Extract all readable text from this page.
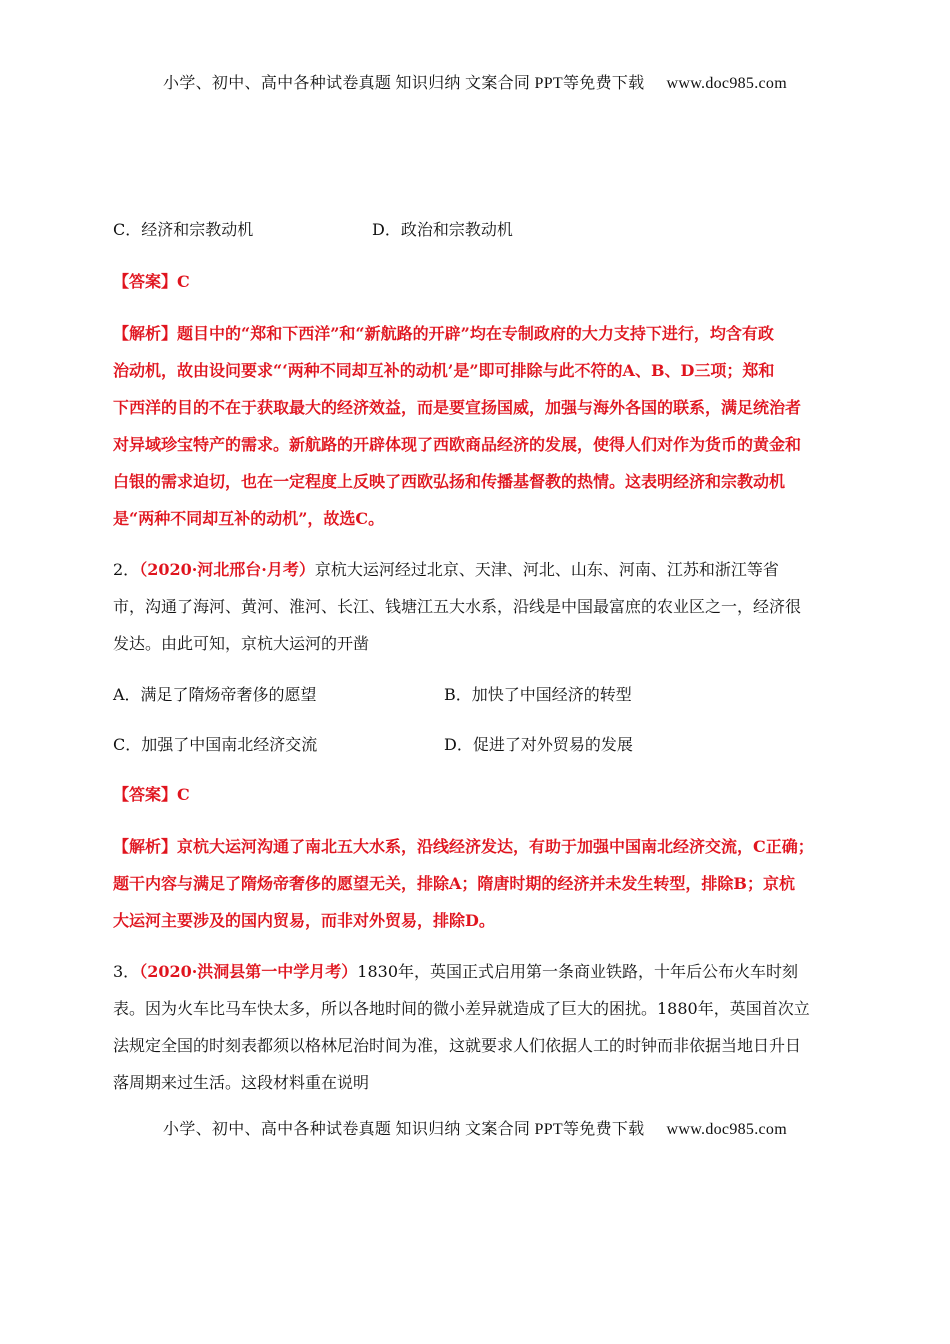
小学、初中、高中各种试卷真题 知识归纳 文案合同 PPT等免费下载 www.doc985.com
C．经济和宗教动机	D．政治和宗教动机
【答案】C
【解析】题目中的“郑和下西洋”和“新航路的开辟”均在专制政府的大力支持下进行，均含有政
治动机，故由设问要求“‘两种不同却互补的动机’是”即可排除与此不符的A、B、D三项；郑和
下西洋的目的不在于获取最大的经济效益，而是要宣扬国威，加强与海外各国的联系，满足统治者
对异域珍宝特产的需求。新航路的开辟体现了西欧商品经济的发展，使得人们对作为货币的黄金和
白银的需求迫切，也在一定程度上反映了西欧弘扬和传播基督教的热情。这表明经济和宗教动机
是“两种不同却互补的动机”，故选C。
2．（2020·河北邢台·月考）京杭大运河经过北京、天津、河北、山东、河南、江苏和浙江等省
市，沟通了海河、黄河、淮河、长江、钱塘江五大水系，沿线是中国最富庶的农业区之一，经济很
发达。由此可知，京杭大运河的开凿
A．满足了隋炀帝奢侈的愿望	B．加快了中国经济的转型
C．加强了中国南北经济交流	D．促进了对外贸易的发展
【答案】C
【解析】京杭大运河沟通了南北五大水系，沿线经济发达，有助于加强中国南北经济交流，C正确；
题干内容与满足了隋炀帝奢侈的愿望无关，排除A；隋唐时期的经济并未发生转型，排除B；京杭
大运河主要涉及的国内贸易，而非对外贸易，排除D。
3．（2020·洪洞县第一中学月考）1830年，英国正式启用第一条商业铁路，十年后公布火车时刻
表。因为火车比马车快太多，所以各地时间的微小差异就造成了巨大的困扰。1880年，英国首次立
法规定全国的时刻表都须以格林尼治时间为准，这就要求人们依据人工的时钟而非依据当地日升日
落周期来过生活。这段材料重在说明
小学、初中、高中各种试卷真题 知识归纳 文案合同 PPT等免费下载 www.doc985.com
